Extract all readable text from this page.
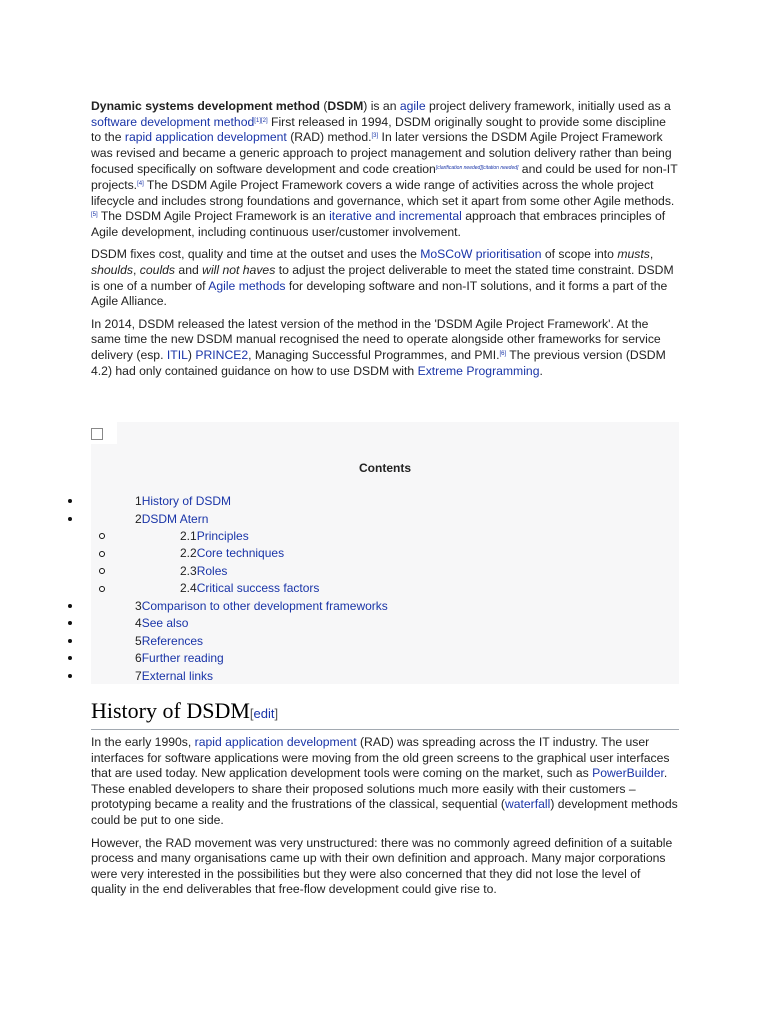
Dynamic systems development method (DSDM) is an agile project delivery framework, initially used as a software development method[1][2] First released in 1994, DSDM originally sought to provide some discipline to the rapid application development (RAD) method.[3] In later versions the DSDM Agile Project Framework was revised and became a generic approach to project management and solution delivery rather than being focused specifically on software development and code creation[clarification needed][citation needed] and could be used for non-IT projects.[4] The DSDM Agile Project Framework covers a wide range of activities across the whole project lifecycle and includes strong foundations and governance, which set it apart from some other Agile methods.[5] The DSDM Agile Project Framework is an iterative and incremental approach that embraces principles of Agile development, including continuous user/customer involvement.

DSDM fixes cost, quality and time at the outset and uses the MoSCoW prioritisation of scope into musts, shoulds, coulds and will not haves to adjust the project deliverable to meet the stated time constraint. DSDM is one of a number of Agile methods for developing software and non-IT solutions, and it forms a part of the Agile Alliance.

In 2014, DSDM released the latest version of the method in the 'DSDM Agile Project Framework'. At the same time the new DSDM manual recognised the need to operate alongside other frameworks for service delivery (esp. ITIL) PRINCE2, Managing Successful Programmes, and PMI.[6] The previous version (DSDM 4.2) had only contained guidance on how to use DSDM with Extreme Programming.

Contents
1History of DSDM
2DSDM Atern
2.1Principles
2.2Core techniques
2.3Roles
2.4Critical success factors
3Comparison to other development frameworks
4See also
5References
6Further reading
7External links
History of DSDM[edit]

In the early 1990s, rapid application development (RAD) was spreading across the IT industry. The user interfaces for software applications were moving from the old green screens to the graphical user interfaces that are used today. New application development tools were coming on the market, such as PowerBuilder. These enabled developers to share their proposed solutions much more easily with their customers – prototyping became a reality and the frustrations of the classical, sequential (waterfall) development methods could be put to one side.

However, the RAD movement was very unstructured: there was no commonly agreed definition of a suitable process and many organisations came up with their own definition and approach. Many major corporations were very interested in the possibilities but they were also concerned that they did not lose the level of quality in the end deliverables that free-flow development could give rise to.
